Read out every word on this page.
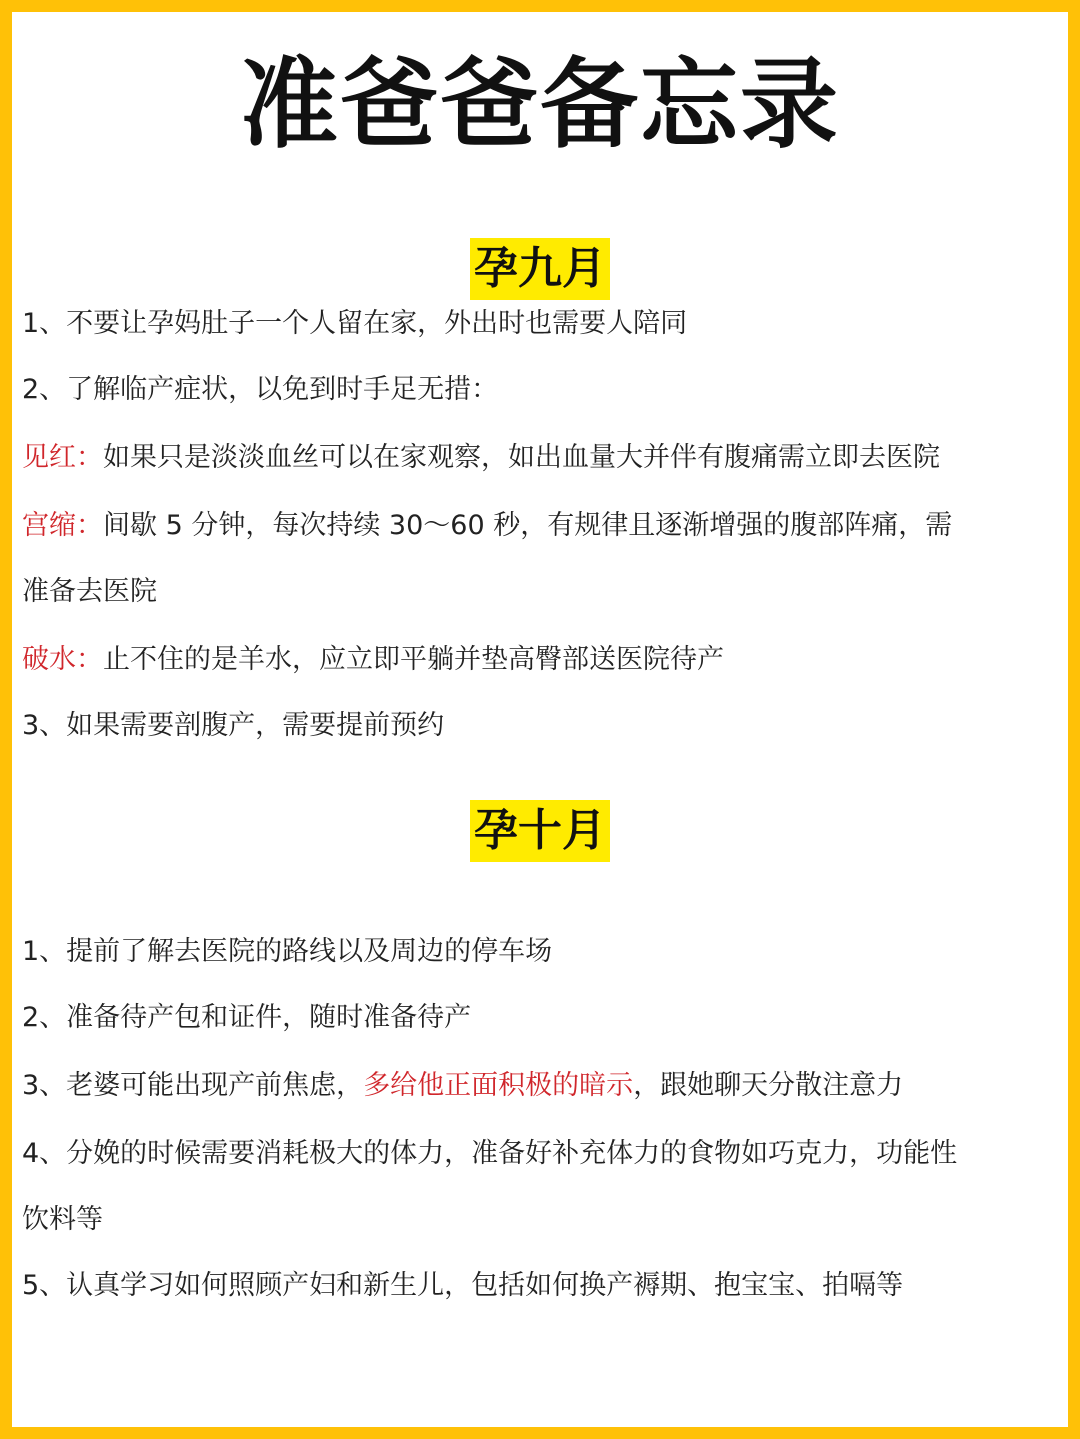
准爸爸备忘录
孕九月
1、不要让孕妈肚子一个人留在家，外出时也需要人陪同
2、了解临产症状，以免到时手足无措：
见红：如果只是淡淡血丝可以在家观察，如出血量大并伴有腹痛需立即去医院
宫缩：间歇 5 分钟，每次持续 30～60 秒，有规律且逐渐增强的腹部阵痛，需
准备去医院
破水：止不住的是羊水，应立即平躺并垫高臀部送医院待产
3、如果需要剖腹产，需要提前预约
孕十月
1、提前了解去医院的路线以及周边的停车场
2、准备待产包和证件，随时准备待产
3、老婆可能出现产前焦虑，多给他正面积极的暗示，跟她聊天分散注意力
4、分娩的时候需要消耗极大的体力，准备好补充体力的食物如巧克力，功能性
饮料等
5、认真学习如何照顾产妇和新生儿，包括如何换产褥期、抱宝宝、拍嗝等
